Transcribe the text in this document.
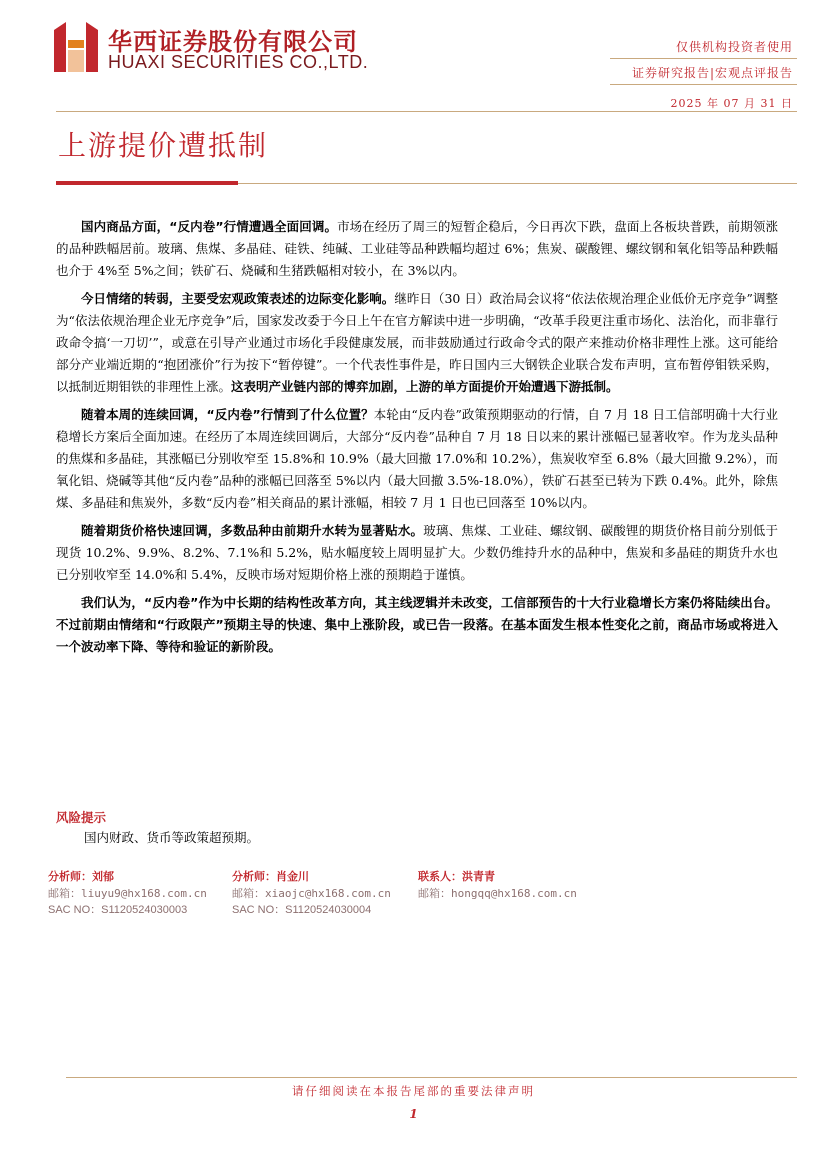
华西证券股份有限公司
HUAXI SECURITIES CO.,LTD.
仅供机构投资者使用
证券研究报告|宏观点评报告
2025 年 07 月 31 日
上游提价遭抵制

国内商品方面，“反内卷”行情遭遇全面回调。市场在经历了周三的短暂企稳后，今日再次下跌，盘面上各板块普跌，前期领涨的品种跌幅居前。玻璃、焦煤、多晶硅、硅铁、纯碱、工业硅等品种跌幅均超过 6%；焦炭、碳酸锂、螺纹钢和氧化铝等品种跌幅也介于 4%至 5%之间；铁矿石、烧碱和生猪跌幅相对较小，在 3%以内。

今日情绪的转弱，主要受宏观政策表述的边际变化影响。继昨日（30 日）政治局会议将“依法依规治理企业低价无序竞争”调整为“依法依规治理企业无序竞争”后，国家发改委于今日上午在官方解读中进一步明确，“改革手段更注重市场化、法治化，而非靠行政命令搞‘一刀切’”，或意在引导产业通过市场化手段健康发展，而非鼓励通过行政命令式的限产来推动价格非理性上涨。这可能给部分产业端近期的“抱团涨价”行为按下“暂停键”。一个代表性事件是，昨日国内三大钢铁企业联合发布声明，宣布暂停钼铁采购，以抵制近期钼铁的非理性上涨。这表明产业链内部的博弈加剧，上游的单方面提价开始遭遇下游抵制。

随着本周的连续回调，“反内卷”行情到了什么位置？本轮由“反内卷”政策预期驱动的行情，自 7 月 18 日工信部明确十大行业稳增长方案后全面加速。在经历了本周连续回调后，大部分“反内卷”品种自 7 月 18 日以来的累计涨幅已显著收窄。作为龙头品种的焦煤和多晶硅，其涨幅已分别收窄至 15.8%和 10.9%（最大回撤 17.0%和 10.2%），焦炭收窄至 6.8%（最大回撤 9.2%），而氧化铝、烧碱等其他“反内卷”品种的涨幅已回落至 5%以内（最大回撤 3.5%-18.0%），铁矿石甚至已转为下跌 0.4%。此外，除焦煤、多晶硅和焦炭外，多数“反内卷”相关商品的累计涨幅，相较 7 月 1 日也已回落至 10%以内。

随着期货价格快速回调，多数品种由前期升水转为显著贴水。玻璃、焦煤、工业硅、螺纹钢、碳酸锂的期货价格目前分别低于现货 10.2%、9.9%、8.2%、7.1%和 5.2%，贴水幅度较上周明显扩大。少数仍维持升水的品种中，焦炭和多晶硅的期货升水也已分别收窄至 14.0%和 5.4%，反映市场对短期价格上涨的预期趋于谨慎。

我们认为，“反内卷”作为中长期的结构性改革方向，其主线逻辑并未改变，工信部预告的十大行业稳增长方案仍将陆续出台。不过前期由情绪和“行政限产”预期主导的快速、集中上涨阶段，或已告一段落。在基本面发生根本性变化之前，商品市场或将进入一个波动率下降、等待和验证的新阶段。

风险提示
国内财政、货币等政策超预期。
分析师：刘郁
邮箱：liuyu9@hx168.com.cn
SAC NO：S1120524030003
分析师：肖金川
邮箱：xiaojc@hx168.com.cn
SAC NO：S1120524030004
联系人：洪青青
邮箱：hongqq@hx168.com.cn
请仔细阅读在本报告尾部的重要法律声明
1
